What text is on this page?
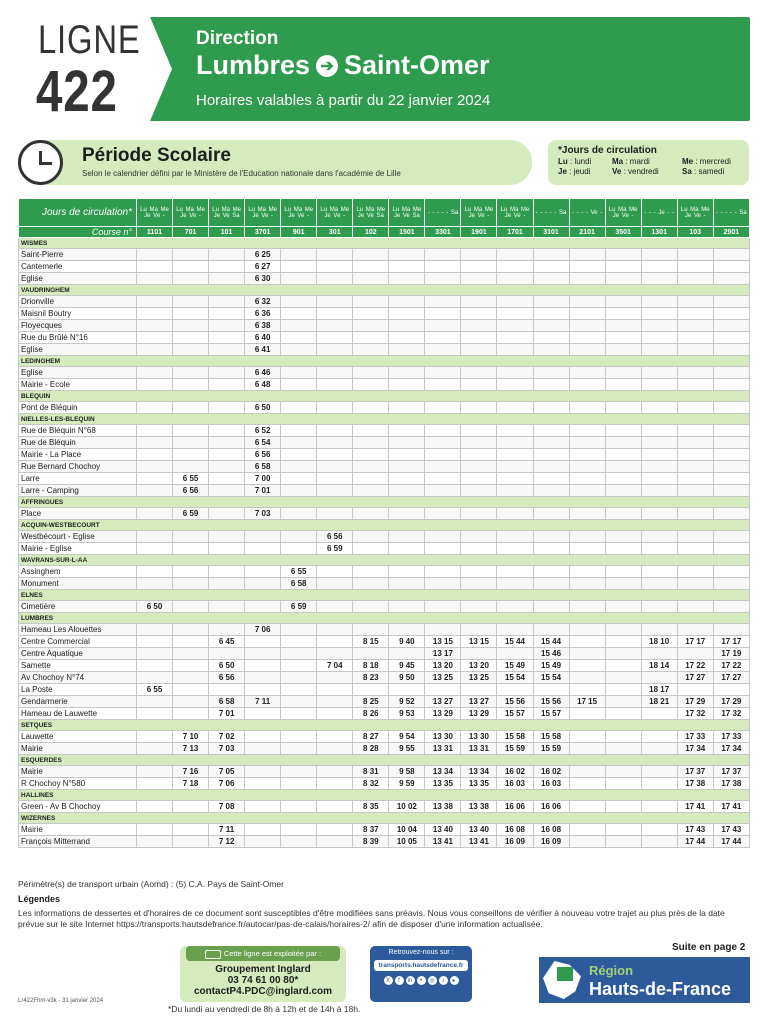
LIGNE
422
Direction
Lumbres ➔ Saint-Omer
Horaires valables à partir du 22 janvier 2024
Période Scolaire
Selon le calendrier défini par le Ministère de l'Education nationale dans l'académie de Lille
*Jours de circulation
Lu : lundi	Ma : mardi	Me : mercredi
Je : jeudi	Ve : vendredi	Sa : samedi
Jours de circulation*	Lu Ma Me Je Ve -	Lu Ma Me Je Ve -	Lu Ma Me Je Ve Sa	Lu Ma Me Je Ve -	Lu Ma Me Je Ve -	Lu Ma Me Je Ve -	Lu Ma Me Je Ve Sa	Lu Ma Me Je Ve Sa	- - - - - Sa	Lu Ma Me Je Ve -	Lu Ma Me Je Ve -	- - - - - Sa	- - - - Ve -	Lu Ma Me Je Ve -	- - - Je - -	Lu Ma Me Je Ve -	- - - - - Sa

Course n°	1101	701	101	3701	901	301	102	1501	3301	1901	1701	3101	2101	3501	1301	103	2901
WISMES																	
Saint-Pierre				6 25													
Cantemerle				6 27													
Eglise				6 30													
VAUDRINGHEM																	
Drionville				6 32													
Maisnil Boutry				6 36													
Floyecques				6 38													
Rue du Brûlé N°16				6 40													
Eglise				6 41													
LEDINGHEM																	
Eglise				6 46													
Mairie - Ecole				6 48													
BLEQUIN																	
Pont de Bléquin				6 50													
NIELLES-LES-BLEQUIN																	
Rue de Bléquin N°68				6 52													
Rue de Bléquin				6 54													
Mairie - La Place				6 56													
Rue Bernard Chochoy				6 58													
Larre		6 55		7 00													
Larre - Camping		6 56		7 01													
AFFRINGUES																	
Place		6 59		7 03													
ACQUIN-WESTBECOURT																	
Westbécourt - Eglise						6 56											
Mairie - Eglise						6 59											
WAVRANS-SUR-L-AA																	
Assinghem					6 55												
Monument					6 58												
ELNES																	
Cimetière	6 50				6 59												
LUMBRES																	
Hameau Les Alouettes				7 06													
Centre Commercial			6 45				8 15	9 40	13 15	13 15	15 44	15 44			18 10	17 17	17 17
Centre Aquatique									13 17			15 46					17 19
Samette			6 50			7 04	8 18	9 45	13 20	13 20	15 49	15 49			18 14	17 22	17 22
Av Chochoy N°74			6 56				8 23	9 50	13 25	13 25	15 54	15 54				17 27	17 27
La Poste	6 55														18 17		
Gendarmerie			6 58	7 11			8 25	9 52	13 27	13 27	15 56	15 56	17 15		18 21	17 29	17 29
Hameau de Lauwette			7 01				8 26	9 53	13 29	13 29	15 57	15 57				17 32	17 32
SETQUES																	
Lauwette		7 10	7 02				8 27	9 54	13 30	13 30	15 58	15 58				17 33	17 33
Mairie		7 13	7 03				8 28	9 55	13 31	13 31	15 59	15 59				17 34	17 34
ESQUERDES																	
Mairie		7 16	7 05				8 31	9 58	13 34	13 34	16 02	16 02				17 37	17 37
R Chochoy N°580		7 18	7 06				8 32	9 59	13 35	13 35	16 03	16 03				17 38	17 38
HALLINES																	
Green - Av B Chochoy			7 08				8 35	10 02	13 38	13 38	16 06	16 06				17 41	17 41
WIZERNES																	
Mairie			7 11				8 37	10 04	13 40	13 40	16 08	16 08				17 43	17 43
François Mitterrand			7 12				8 39	10 05	13 41	13 41	16 09	16 09				17 44	17 44
Périmètre(s) de transport urbain (Aomd) : (5) C.A. Pays de Saint-Omer
Légendes
Les informations de dessertes et d'horaires de ce document sont susceptibles d'être modifiées sans préavis. Nous vous conseillons de vérifier à nouveau votre trajet au plus près de la date prévue sur le site Internet https://transports.hautsdefrance.fr/autocar/pas-de-calais/horaires-2/ afin de disposer d'une information actualisée.
Suite en page 2
Cette ligne est exploitée par :
Groupement Inglard
03 74 61 00 80*
contactP4.PDC@inglard.com
*Du lundi au vendredi de 8h à 12h et de 14h à 18h.
Lr422Fhm-v3k - 31 janvier 2024
Retrouvez-nous sur :
transports.hautsdefrance.fr
X	f	in	•	◎	♪	▸
Région
Hauts-de-France
